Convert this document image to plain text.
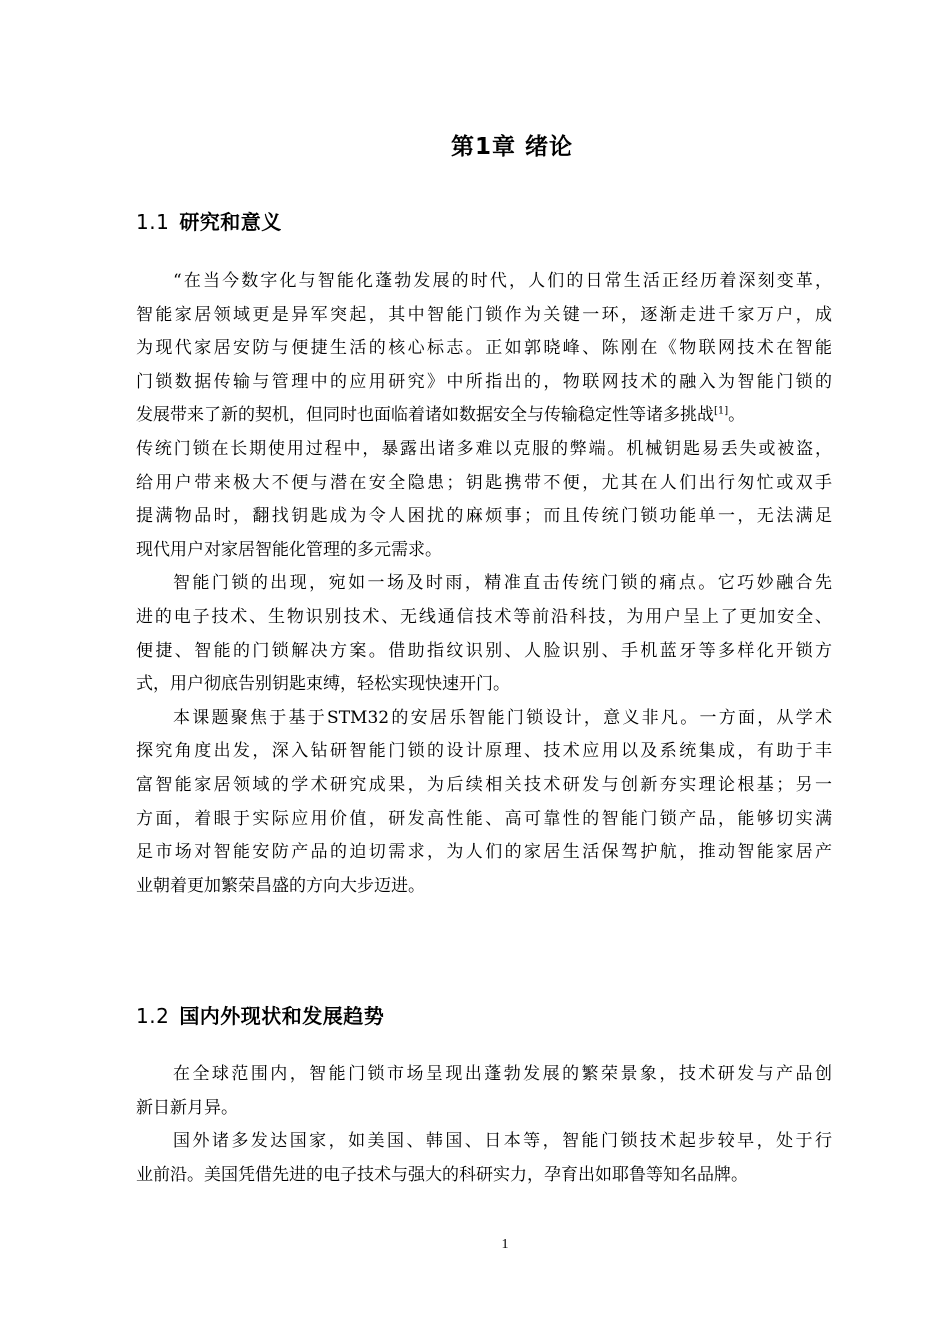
第1章 绪论
1.1 研究和意义

“在当今数字化与智能化蓬勃发展的时代，人们的日常生活正经历着深刻变革，
智能家居领域更是异军突起，其中智能门锁作为关键一环，逐渐走进千家万户，成
为现代家居安防与便捷生活的核心标志。正如郭晓峰、陈刚在《物联网技术在智能
门锁数据传输与管理中的应用研究》中所指出的，物联网技术的融入为智能门锁的
发展带来了新的契机，但同时也面临着诸如数据安全与传输稳定性等诸多挑战[1]。
传统门锁在长期使用过程中，暴露出诸多难以克服的弊端。机械钥匙易丢失或被盗，
给用户带来极大不便与潜在安全隐患；钥匙携带不便，尤其在人们出行匆忙或双手
提满物品时，翻找钥匙成为令人困扰的麻烦事；而且传统门锁功能单一，无法满足
现代用户对家居智能化管理的多元需求。

智能门锁的出现，宛如一场及时雨，精准直击传统门锁的痛点。它巧妙融合先
进的电子技术、生物识别技术、无线通信技术等前沿科技，为用户呈上了更加安全、
便捷、智能的门锁解决方案。借助指纹识别、人脸识别、手机蓝牙等多样化开锁方
式，用户彻底告别钥匙束缚，轻松实现快速开门。

本课题聚焦于基于STM32的安居乐智能门锁设计，意义非凡。一方面，从学术
探究角度出发，深入钻研智能门锁的设计原理、技术应用以及系统集成，有助于丰
富智能家居领域的学术研究成果，为后续相关技术研发与创新夯实理论根基；另一
方面，着眼于实际应用价值，研发高性能、高可靠性的智能门锁产品，能够切实满
足市场对智能安防产品的迫切需求，为人们的家居生活保驾护航，推动智能家居产
业朝着更加繁荣昌盛的方向大步迈进。

1.2 国内外现状和发展趋势

在全球范围内，智能门锁市场呈现出蓬勃发展的繁荣景象，技术研发与产品创
新日新月异。

国外诸多发达国家，如美国、韩国、日本等，智能门锁技术起步较早，处于行
业前沿。美国凭借先进的电子技术与强大的科研实力，孕育出如耶鲁等知名品牌。

1
